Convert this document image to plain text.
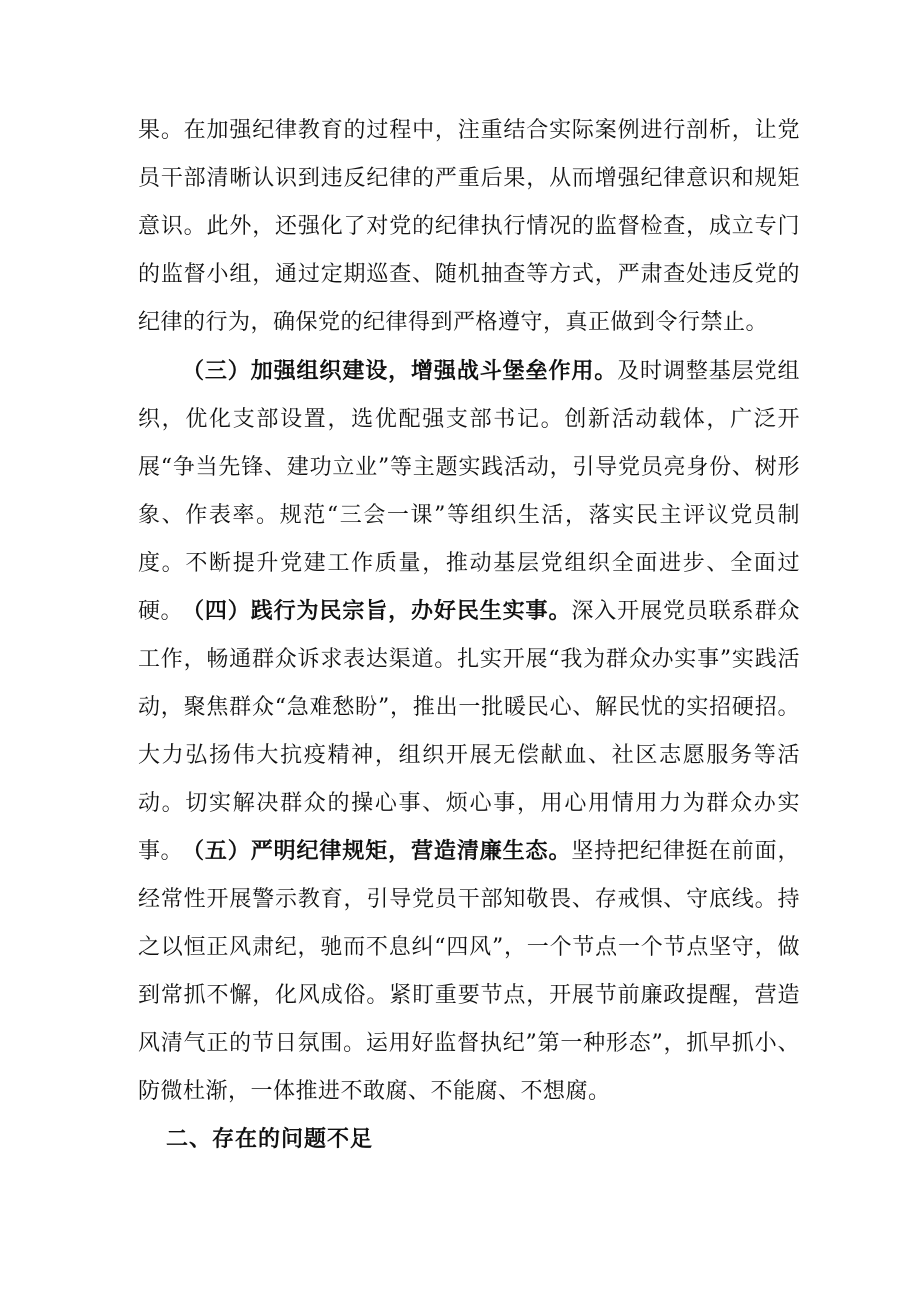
果。在加强纪律教育的过程中，注重结合实际案例进行剖析，让党员干部清晰认识到违反纪律的严重后果，从而增强纪律意识和规矩意识。此外，还强化了对党的纪律执行情况的监督检查，成立专门的监督小组，通过定期巡查、随机抽查等方式，严肃查处违反党的纪律的行为，确保党的纪律得到严格遵守，真正做到令行禁止。

（三）加强组织建设，增强战斗堡垒作用。及时调整基层党组织，优化支部设置，选优配强支部书记。创新活动载体，广泛开展“争当先锋、建功立业”等主题实践活动，引导党员亮身份、树形象、作表率。规范“三会一课”等组织生活，落实民主评议党员制度。不断提升党建工作质量，推动基层党组织全面进步、全面过硬。

（四）践行为民宗旨，办好民生实事。深入开展党员联系群众工作，畅通群众诉求表达渠道。扎实开展“我为群众办实事”实践活动，聚焦群众“急难愁盼”，推出一批暖民心、解民忧的实招硬招。大力弘扬伟大抗疫精神，组织开展无偿献血、社区志愿服务等活动。切实解决群众的操心事、烦心事，用心用情用力为群众办实事。

（五）严明纪律规矩，营造清廉生态。坚持把纪律挺在前面，经常性开展警示教育，引导党员干部知敬畏、存戒惧、守底线。持之以恒正风肃纪，驰而不息纠“四风”，一个节点一个节点坚守，做到常抓不懈，化风成俗。紧盯重要节点，开展节前廉政提醒，营造风清气正的节日氛围。运用好监督执纪”第一种形态”，抓早抓小、防微杜渐，一体推进不敢腐、不能腐、不想腐。

二、存在的问题不足
